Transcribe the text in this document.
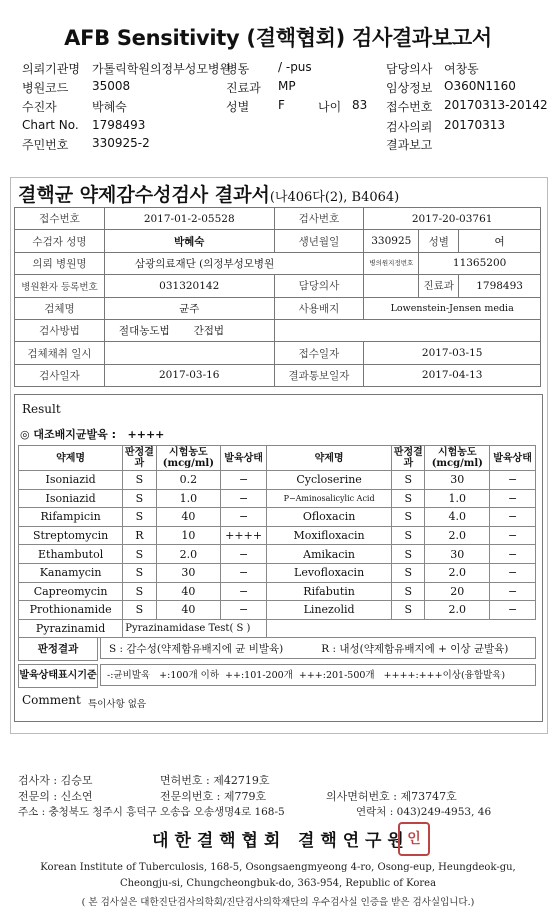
AFB Sensitivity (결핵협회) 검사결과보고서
의뢰기관명 가톨릭학원의정부성모병원
병동 / -pus	담당의사 여창동
병원코드 35008	진료과 MP	임상정보 O360N1160
수진자	박혜숙	성별 F	나이 83 접수번호 20170313-20142
Chart No. 1798493	검사의뢰 20170313
주민번호 330925-2	결과보고
결핵균 약제감수성검사 결과서(나406다(2), B4064)
접수번호	2017-01-2-05528	검사번호	2017-20-03761		
수검자 성명	박혜숙	생년월일	330925	성별	여
의뢰 병원명	삼광의료재단 (의정부성모병원		병의원지정번호	11365200	
병원환자 등록번호	031320142	담당의사		진료과	1798493
검체명	균주	사용배지	Lowenstein-Jensen media		
검사방법	절대농도법 간접법				
검체채취 일시		접수일자	2017-03-15		
검사일자	2017-03-16	결과통보일자	2017-04-13		
Result
◎ 대조배지균발육 :   ++++
약제명	판정결과	시험농도(mcg/ml)	발육상태	약제명	판정결과	시험농도(mcg/ml)	발육상태
Isoniazid	S	0.2	−	Cycloserine	S	30	−
Isoniazid	S	1.0	−	P−Aminosalicylic Acid	S	1.0	−
Rifampicin	S	40	−	Ofloxacin	S	4.0	−
Streptomycin	R	10	++++	Moxifloxacin	S	2.0	−
Ethambutol	S	2.0	−	Amikacin	S	30	−
Kanamycin	S	30	−	Levofloxacin	S	2.0	−
Capreomycin	S	40	−	Rifabutin	S	20	−
Prothionamide	S	40	−	Linezolid	S	2.0	−
Pyrazinamid	Pyrazinamidase Test( S )						
판정결과	S : 감수성(약제함유배지에 균 비발육)	R : 내성(약제함유배지에 + 이상 균발육)
발육상태표시기준	-:균비발육   +:100개 이하  ++:101-200개  +++:201-500개   ++++:+++이상(융합발육)
Comment 특이사항 없음
검사자 : 김승모	면허번호 : 제42719호
전문의 : 신소연	전문의번호 : 제779호	의사면허번호 : 제73747호
주소 : 충청북도 청주시 흥덕구 오송읍 오송생명4로 168-5	연락처 : 043)249-4953, 46
대 한 결 핵 협 회   결 핵 연 구 원 인
Korean Institute of Tuberculosis, 168-5, Osongsaengmyeong 4-ro, Osong-eup, Heungdeok-gu,
Cheongju-si, Chungcheongbuk-do, 363-954, Republic of Korea
( 본 검사실은 대한진단검사의학회/진단검사의학재단의 우수검사실 인증을 받은 검사실입니다.)
